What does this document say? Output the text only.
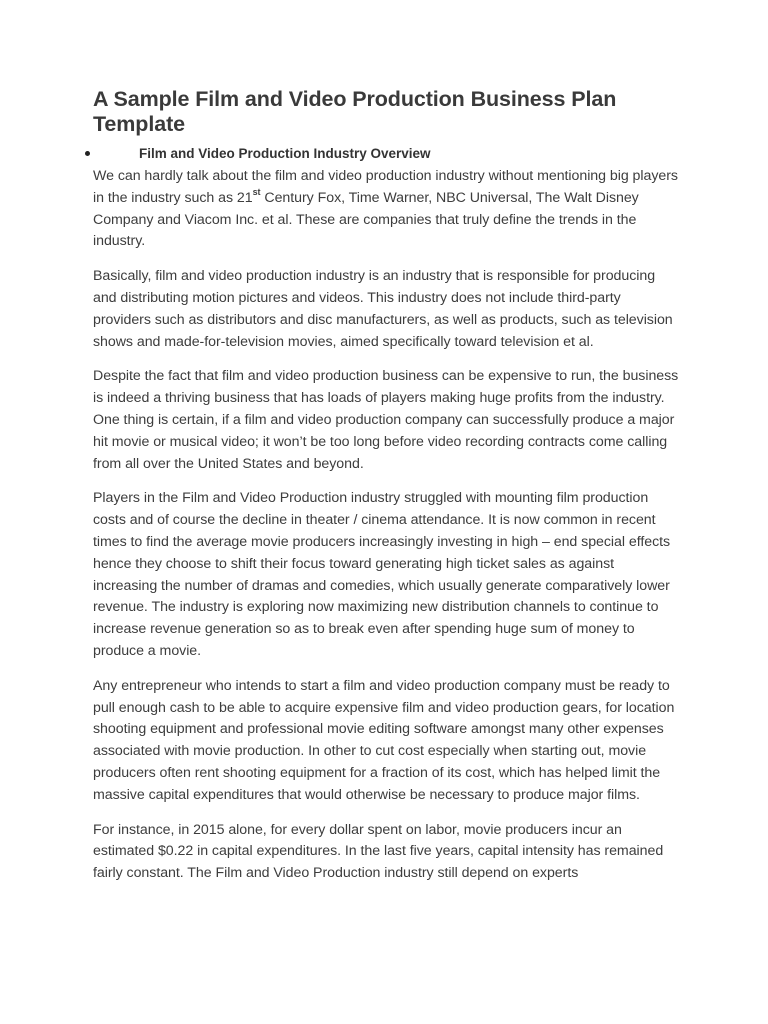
A Sample Film and Video Production Business Plan Template
Film and Video Production Industry Overview

We can hardly talk about the film and video production industry without mentioning big players in the industry such as 21st Century Fox, Time Warner, NBC Universal, The Walt Disney Company and Viacom Inc. et al. These are companies that truly define the trends in the industry.

Basically, film and video production industry is an industry that is responsible for producing and distributing motion pictures and videos. This industry does not include third-party providers such as distributors and disc manufacturers, as well as products, such as television shows and made-for-television movies, aimed specifically toward television et al.

Despite the fact that film and video production business can be expensive to run, the business is indeed a thriving business that has loads of players making huge profits from the industry. One thing is certain, if a film and video production company can successfully produce a major hit movie or musical video; it won’t be too long before video recording contracts come calling from all over the United States and beyond.

Players in the Film and Video Production industry struggled with mounting film production costs and of course the decline in theater / cinema attendance. It is now common in recent times to find the average movie producers increasingly investing in high – end special effects hence they choose to shift their focus toward generating high ticket sales as against increasing the number of dramas and comedies, which usually generate comparatively lower revenue. The industry is exploring now maximizing new distribution channels to continue to increase revenue generation so as to break even after spending huge sum of money to produce a movie.

Any entrepreneur who intends to start a film and video production company must be ready to pull enough cash to be able to acquire expensive film and video production gears, for location shooting equipment and professional movie editing software amongst many other expenses associated with movie production. In other to cut cost especially when starting out, movie producers often rent shooting equipment for a fraction of its cost, which has helped limit the massive capital expenditures that would otherwise be necessary to produce major films.

For instance, in 2015 alone, for every dollar spent on labor, movie producers incur an estimated $0.22 in capital expenditures. In the last five years, capital intensity has remained fairly constant. The Film and Video Production industry still depend on experts
